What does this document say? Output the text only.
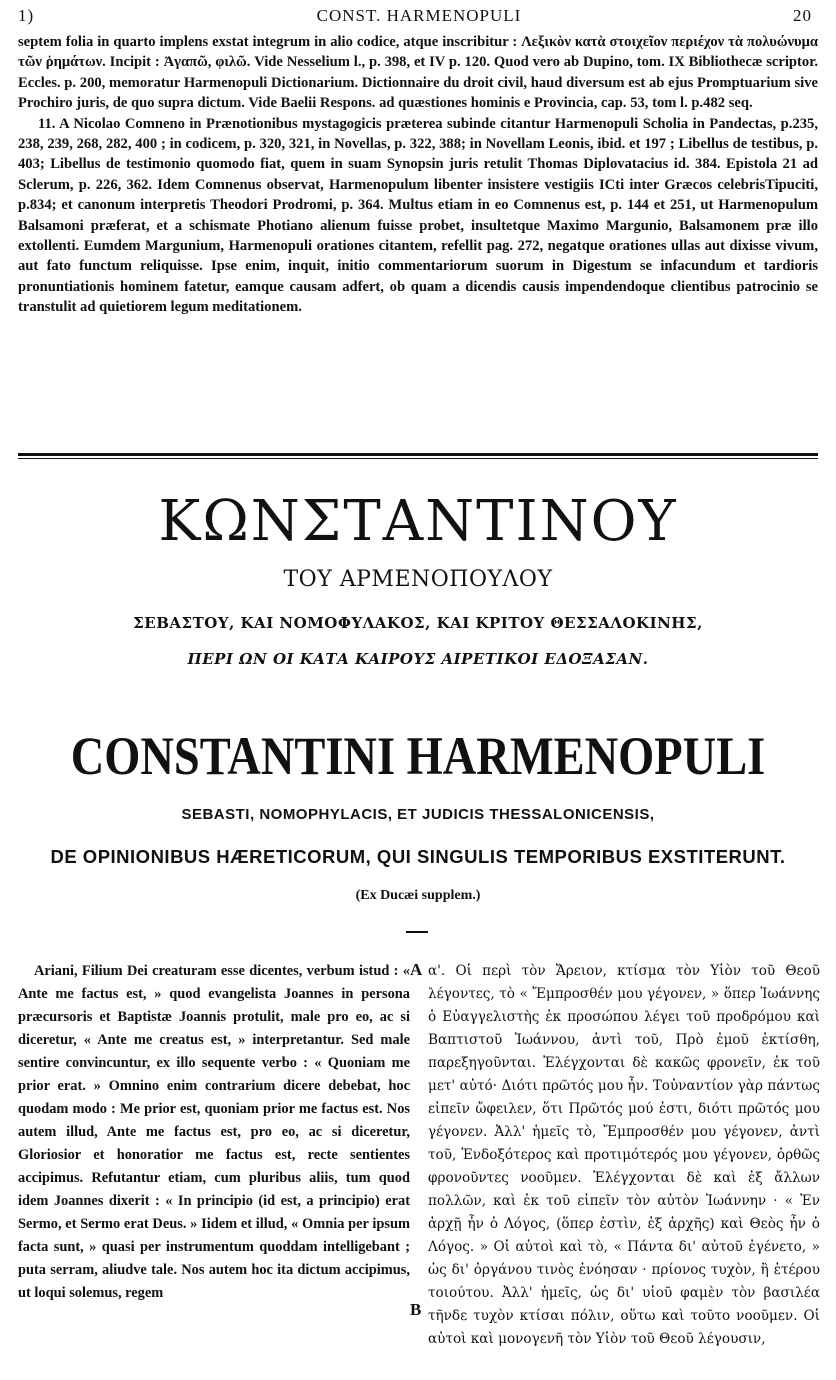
1)	CONST. HARMENOPULI	20

septem folia in quarto implens exstat integrum in alio codice, atque inscribitur : Λεξικὸν κατὰ στοιχεῖον περιέχον τὰ πολυώνυμα τῶν ῥημάτων. Incipit : Ἀγαπῶ, φιλῶ. Vide Nesselium l., p. 398, et IV p. 120. Quod vero ab Dupino, tom. IX Bibliothecæ scriptor. Eccles. p. 200, memoratur Harmenopuli Dictionarium. Dictionnaire du droit civil, haud diversum est ab ejus Promptuarium sive Prochiro juris, de quo supra dictum. Vide Baelii Respons. ad quæstiones hominis e Provincia, cap. 53, tom l. p.482 seq.

11. A Nicolao Comneno in Prænotionibus mystagogicis præterea subinde citantur Harmenopuli Scholia in Pandectas, p.235, 238, 239, 268, 282, 400 ; in codicem, p. 320, 321, in Novellas, p. 322, 388; in Novellam Leonis, ibid. et 197 ; Libellus de testibus, p. 403; Libellus de testimonio quomodo fiat, quem in suam Synopsin juris retulit Thomas Diplovatacius id. 384. Epistola 21 ad Sclerum, p. 226, 362. Idem Comnenus observat, Harmenopulum libenter insistere vestigiis ICti inter Græcos celebrisTipuciti, p.834; et canonum interpretis Theodori Prodromi, p. 364. Multus etiam in eo Comnenus est, p. 144 et 251, ut Harmenopulum Balsamoni præferat, et a schismate Photiano alienum fuisse probet, insultetque Maximo Margunio, Balsamonem præ illo extollenti. Eumdem Margunium, Harmenopuli orationes citantem, refellit pag. 272, negatque orationes ullas aut dixisse vivum, aut fato functum reliquisse. Ipse enim, inquit, initio commentariorum suorum in Digestum se infacundum et tardioris pronuntiationis hominem fatetur, eamque causam adfert, ob quam a dicendis causis impendendoque clientibus patrocinio se transtulit ad quietiorem legum meditationem.

ΚΩΝΣΤΑΝΤΙΝΟΥ
ΤΟΥ ΑΡΜΕΝΟΠΟΥΛΟΥ
ΣΕΒΑΣΤΟΥ, ΚΑΙ ΝΟΜΟΦΥΛΑΚΟΣ, ΚΑΙ ΚΡΙΤΟΥ ΘΕΣΣΑΛΟΚΙΝΗΣ,
ΠΕΡΙ ΩΝ ΟΙ ΚΑΤΑ ΚΑΙΡΟΥΣ ΑΙΡΕΤΙΚΟΙ ΕΔΟΞΑΣΑΝ.
CONSTANTINI HARMENOPULI
SEBASTI, NOMOPHYLACIS, ET JUDICIS THESSALONICENSIS,
DE OPINIONIBUS HÆRETICORUM, QUI SINGULIS TEMPORIBUS EXSTITERUNT.
(Ex Ducæi supplem.)

Ariani, Filium Dei creaturam esse dicentes, verbum istud : « Ante me factus est, » quod evangelista Joannes in persona præcursoris et Baptistæ Joannis protulit, male pro eo, ac si diceretur, « Ante me creatus est, » interpretantur. Sed male sentire convincuntur, ex illo sequente verbo : « Quoniam me prior erat. » Omnino enim contrarium dicere debebat, hoc quodam modo : Me prior est, quoniam prior me factus est. Nos autem illud, Ante me factus est, pro eo, ac si diceretur, Gloriosior et honoratior me factus est, recte sentientes accipimus. Refutantur etiam, cum pluribus aliis, tum quod idem Joannes dixerit : « In principio (id est, a principio) erat Sermo, et Sermo erat Deus. » Iidem et illud, « Omnia per ipsum facta sunt, » quasi per instrumentum quoddam intelligebant ; puta serram, aliudve tale. Nos autem hoc ita dictum accipimus, ut loqui solemus, regem

A
B

α'. Οἱ περὶ τὸν Ἄρειον, κτίσμα τὸν Υἱὸν τοῦ Θεοῦ λέγοντες, τὸ « Ἔμπροσθέν μου γέγονεν, » ὅπερ Ἰωάννης ὁ Εὐαγγελιστὴς ἐκ προσώπου λέγει τοῦ προδρόμου καὶ Βαπτιστοῦ Ἰωάννου, ἀντὶ τοῦ, Πρὸ ἐμοῦ ἐκτίσθη, παρεξηγοῦνται. Ἐλέγχονται δὲ κακῶς φρονεῖν, ἐκ τοῦ μετ' αὐτό· Διότι πρῶτός μου ἦν. Τοὐναντίον γὰρ πάντως εἰπεῖν ὤφειλεν, ὅτι Πρῶτός μού ἐστι, διότι πρῶτός μου γέγονεν. Ἀλλ' ἡμεῖς τὸ, Ἔμπροσθέν μου γέγονεν, ἀντὶ τοῦ, Ἐνδοξότερος καὶ προτιμότερός μου γέγονεν, ὀρθῶς φρονοῦντες νοοῦμεν. Ἐλέγχονται δὲ καὶ ἐξ ἄλλων πολλῶν, καὶ ἐκ τοῦ εἰπεῖν τὸν αὐτὸν Ἰωάννην · « Ἐν ἀρχῇ ἦν ὁ Λόγος, (ὅπερ ἐστὶν, ἐξ ἀρχῆς) καὶ Θεὸς ἦν ὁ Λόγος. » Οἱ αὐτοὶ καὶ τὸ, « Πάντα δι' αὐτοῦ ἐγένετο, » ὡς δι' ὀργάνου τινὸς ἐνόησαν · πρίονος τυχὸν, ἢ ἑτέρου τοιούτου. Ἀλλ' ἡμεῖς, ὡς δι' υἱοῦ φαμὲν τὸν βασιλέα τῆνδε τυχὸν κτίσαι πόλιν, οὕτω καὶ τοῦτο νοοῦμεν. Οἱ αὐτοὶ καὶ μονογενῆ τὸν Υἱὸν τοῦ Θεοῦ λέγουσιν,
